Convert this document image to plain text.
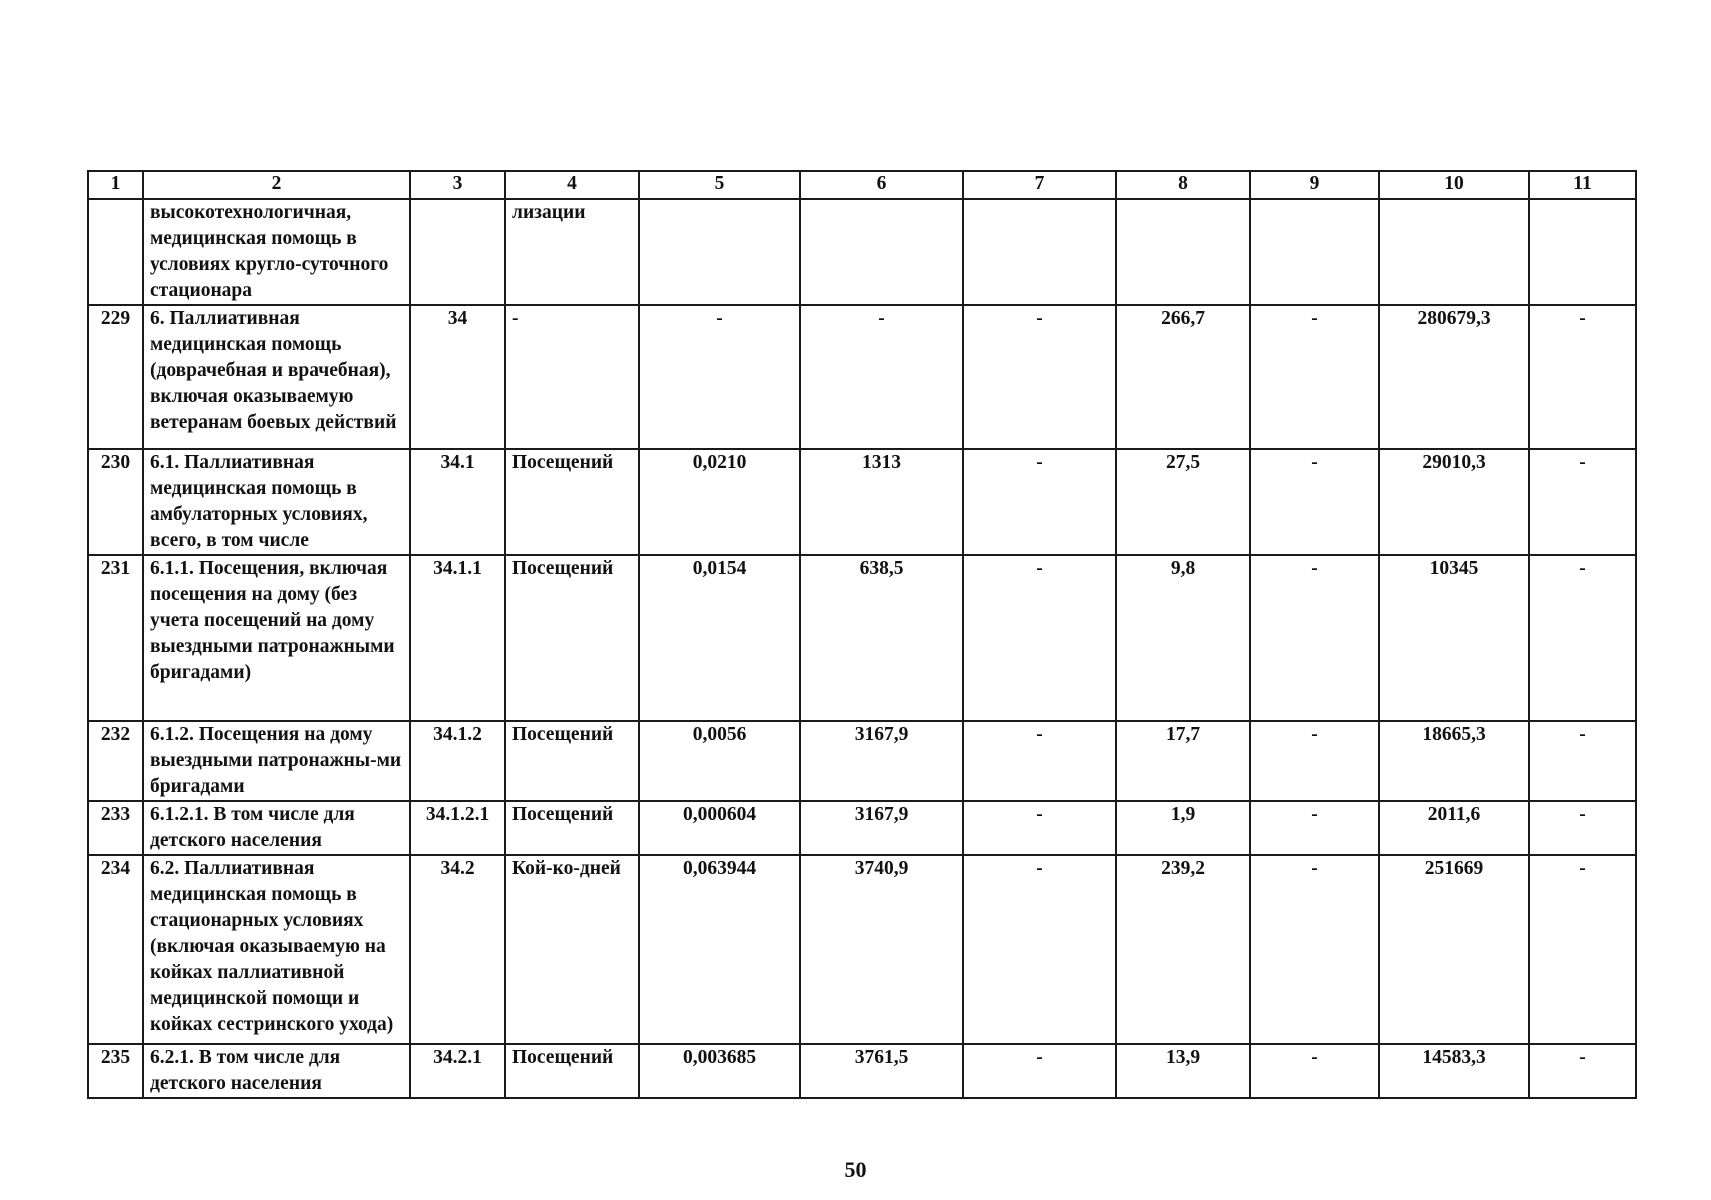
1	2	3	4	5	6	7	8	9	10	11
	высокотехнологичная, медицинская помощь в условиях кругло-суточного стационара		лизации							
229	6. Паллиативная медицинская помощь (доврачебная и врачебная), включая оказываемую ветеранам боевых действий	34	-	-	-	-	266,7	-	280679,3	-
230	6.1. Паллиативная медицинская помощь в амбулаторных условиях, всего, в том числе	34.1	Посещений	0,0210	1313	-	27,5	-	29010,3	-
231	6.1.1. Посещения, включая посещения на дому (без учета посещений на дому выездными патронажными бригадами)	34.1.1	Посещений	0,0154	638,5	-	9,8	-	10345	-
232	6.1.2. Посещения на дому выездными патронажны-ми бригадами	34.1.2	Посещений	0,0056	3167,9	-	17,7	-	18665,3	-
233	6.1.2.1. В том числе для детского населения	34.1.2.1	Посещений	0,000604	3167,9	-	1,9	-	2011,6	-
234	6.2. Паллиативная медицинская помощь в стационарных условиях (включая оказываемую на койках паллиативной медицинской помощи и койках сестринского ухода)	34.2	Кой-ко-дней	0,063944	3740,9	-	239,2	-	251669	-
235	6.2.1. В том числе для детского населения	34.2.1	Посещений	0,003685	3761,5	-	13,9	-	14583,3	-
50
